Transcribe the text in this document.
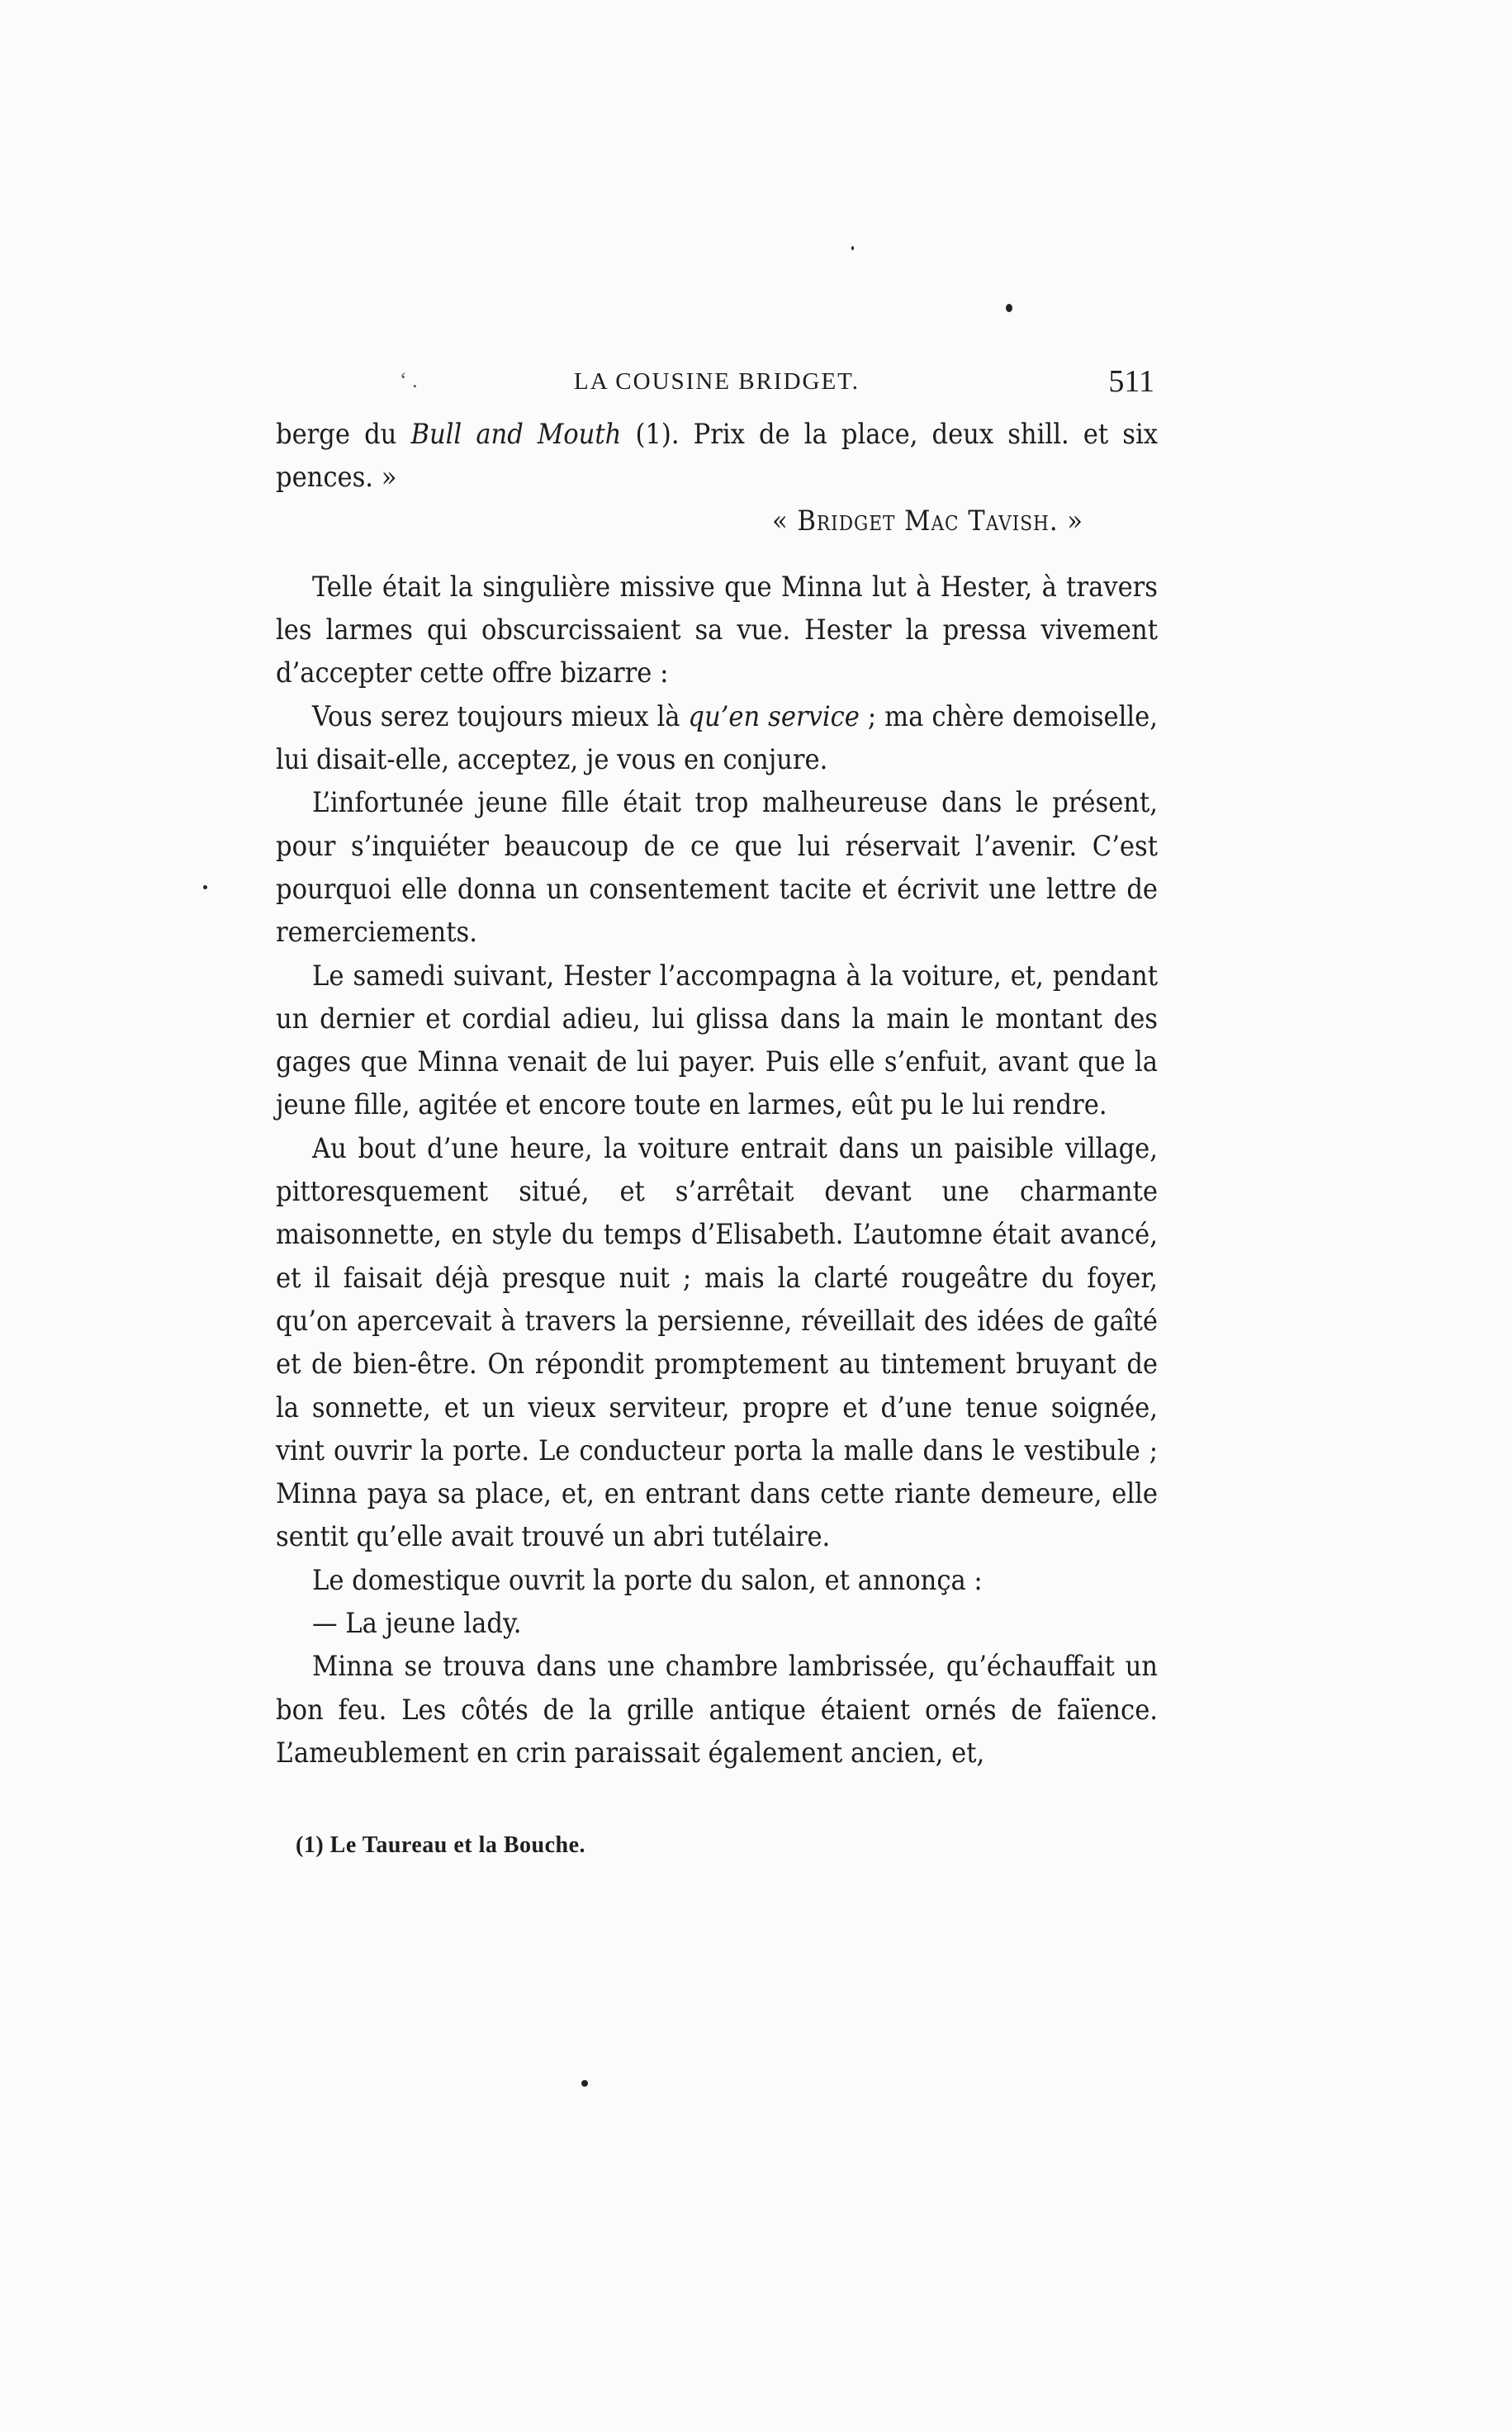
ʻ .	LA COUSINE BRIDGET.	511

berge du Bull and Mouth (1). Prix de la place, deux shill. et six pences. »

« Bridget Mac Tavish. »

Telle était la singulière missive que Minna lut à Hester, à travers les larmes qui obscurcissaient sa vue. Hester la pressa vivement d’accepter cette offre bizarre :

Vous serez toujours mieux là qu’en service ; ma chère demoiselle, lui disait-elle, acceptez, je vous en conjure.

L’infortunée jeune fille était trop malheureuse dans le présent, pour s’inquiéter beaucoup de ce que lui réservait l’avenir. C’est pourquoi elle donna un consentement tacite et écrivit une lettre de remerciements.

Le samedi suivant, Hester l’accompagna à la voiture, et, pendant un dernier et cordial adieu, lui glissa dans la main le montant des gages que Minna venait de lui payer. Puis elle s’enfuit, avant que la jeune fille, agitée et encore toute en larmes, eût pu le lui rendre.

Au bout d’une heure, la voiture entrait dans un paisible village, pittoresquement situé, et s’arrêtait devant une charmante maisonnette, en style du temps d’Elisabeth. L’automne était avancé, et il faisait déjà presque nuit ; mais la clarté rougeâtre du foyer, qu’on apercevait à travers la persienne, réveillait des idées de gaîté et de bien-être. On répondit promptement au tintement bruyant de la sonnette, et un vieux serviteur, propre et d’une tenue soignée, vint ouvrir la porte. Le conducteur porta la malle dans le vestibule ; Minna paya sa place, et, en entrant dans cette riante demeure, elle sentit qu’elle avait trouvé un abri tutélaire.

Le domestique ouvrit la porte du salon, et annonça :

— La jeune lady.

Minna se trouva dans une chambre lambrissée, qu’échauffait un bon feu. Les côtés de la grille antique étaient ornés de faïence. L’ameublement en crin paraissait également ancien, et,

(1) Le Taureau et la Bouche.
